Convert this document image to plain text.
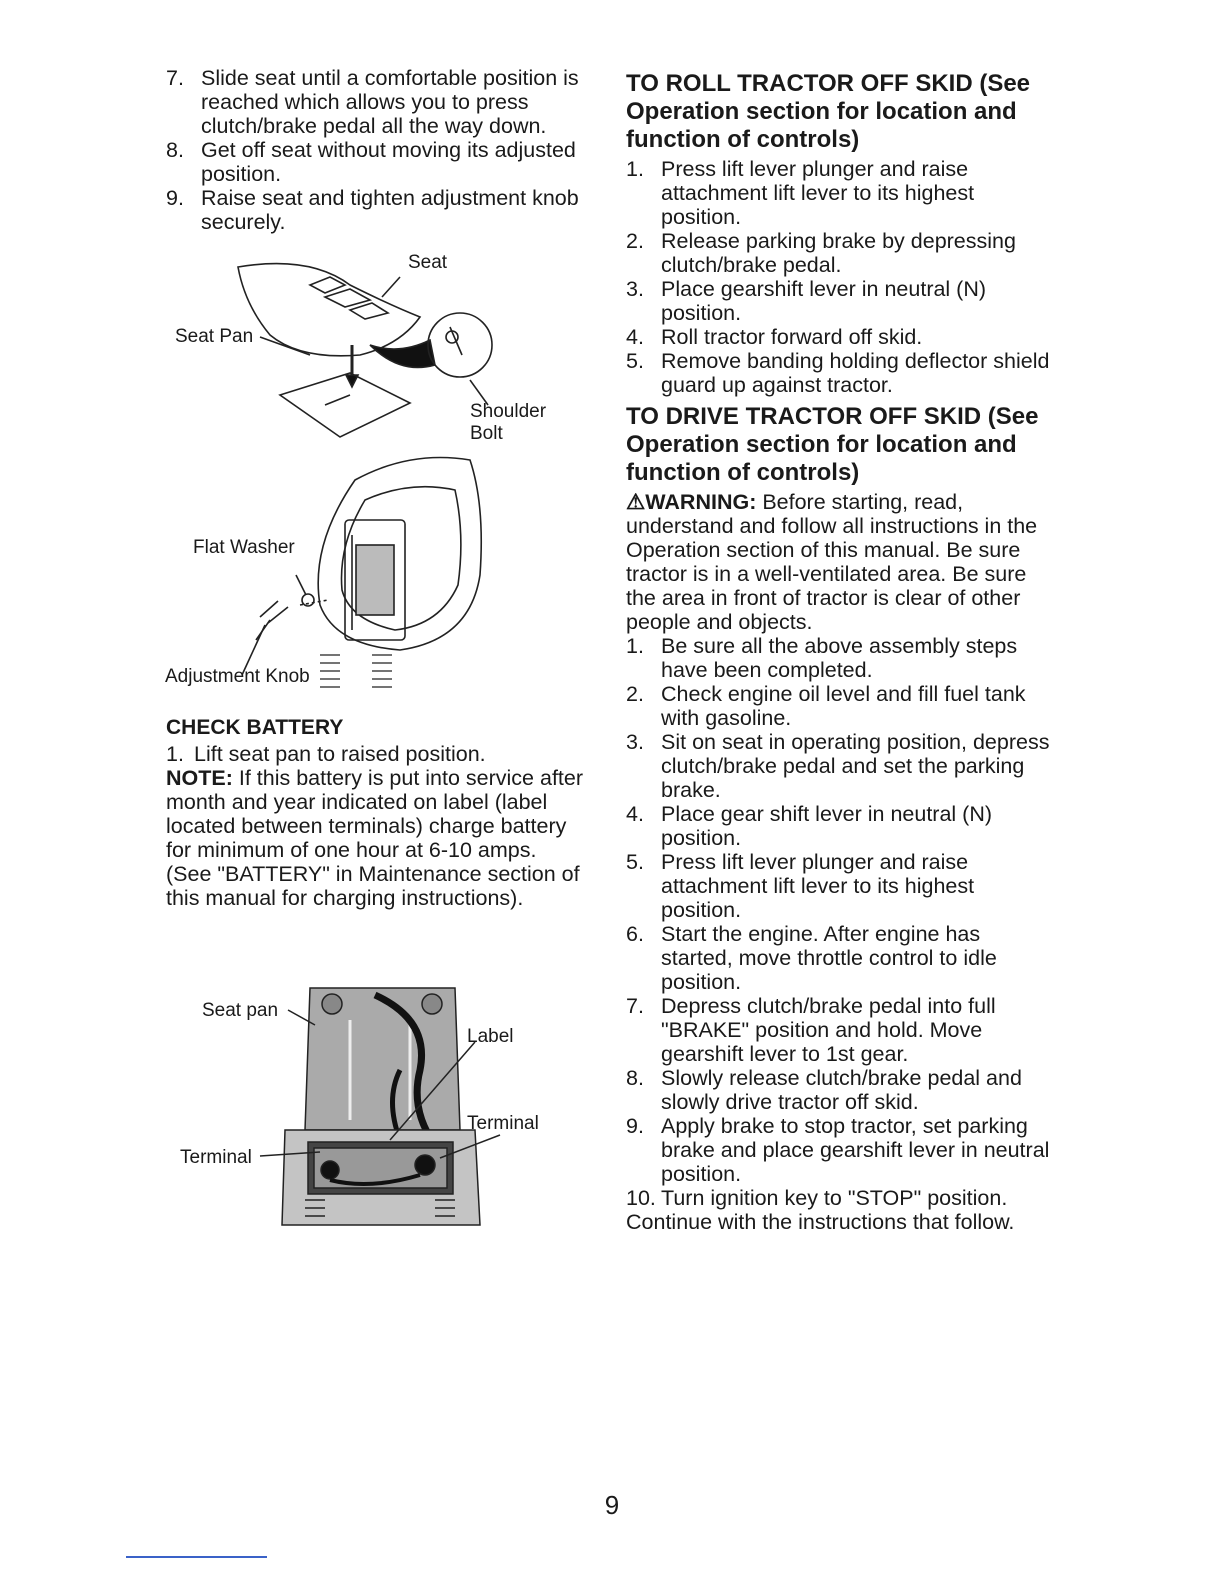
7. Slide seat until a comfortable position is reached which allows you to press clutch/brake pedal all the way down.
8. Get off seat without moving its adjusted position.
9. Raise seat and tighten adjustment knob securely.
Seat
Seat Pan
Shoulder
Bolt
Flat Washer
Adjustment Knob
CHECK BATTERY
1. Lift seat pan to raised position.

NOTE: If this battery is put into service after month and year indicated on label (label located between terminals) charge battery for minimum of one hour at 6-10 amps. (See "BATTERY" in Maintenance section of this manual for charging instructions).

Seat pan
Label
Terminal
Terminal
TO ROLL TRACTOR OFF SKID (See Operation section for location and function of controls)
1. Press lift lever plunger and raise attachment lift lever to its highest position.
2. Release parking brake by depressing clutch/brake pedal.
3. Place gearshift lever in neutral (N) position.
4. Roll tractor forward off skid.
5. Remove banding holding deflector shield guard up against tractor.
TO DRIVE TRACTOR OFF SKID (See Operation section for location and function of controls)

⚠WARNING: Before starting, read, understand and follow all instructions in the Operation section of this manual. Be sure tractor is in a well-ventilated area. Be sure the area in front of tractor is clear of other people and objects.

1. Be sure all the above assembly steps have been completed.
2. Check engine oil level and fill fuel tank with gasoline.
3. Sit on seat in operating position, depress clutch/brake pedal and set the parking brake.
4. Place gear shift lever in neutral (N) position.
5. Press lift lever plunger and raise attachment lift lever to its highest position.
6. Start the engine. After engine has started, move throttle control to idle position.
7. Depress clutch/brake pedal into full "BRAKE" position and hold. Move gearshift lever to 1st gear.
8. Slowly release clutch/brake pedal and slowly drive tractor off skid.
9. Apply brake to stop tractor, set parking brake and place gearshift lever in neutral position.
10. Turn ignition key to "STOP" position.

Continue with the instructions that follow.

9
